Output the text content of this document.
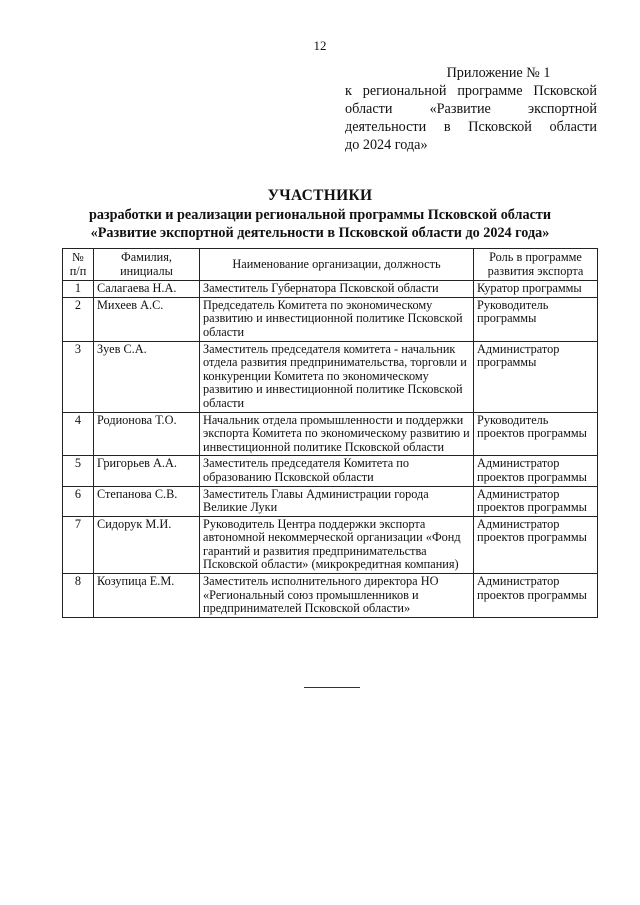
12
Приложение № 1
к региональной программе Псковской
области	«Развитие	экспортной
деятельности в Псковской области
до 2024 года»
УЧАСТНИКИ
разработки и реализации региональной программы Псковской области
«Развитие экспортной деятельности в Псковской области до 2024 года»
№ п/п	Фамилия, инициалы	Наименование организации, должность	Роль в программе развития экспорта
1	Салагаева Н.А.	Заместитель Губернатора Псковской области	Куратор программы
2	Михеев А.С.	Председатель Комитета по экономическому развитию и инвестиционной политике Псковской области	Руководитель программы
3	Зуев С.А.	Заместитель председателя комитета - начальник отдела развития предпринимательства, торговли и конкуренции Комитета по экономическому развитию и инвестиционной политике Псковской области	Администратор программы
4	Родионова Т.О.	Начальник отдела промышленности и поддержки экспорта Комитета по экономическому развитию и инвестиционной политике Псковской области	Руководитель проектов программы
5	Григорьев А.А.	Заместитель председателя Комитета по образованию Псковской области	Администратор проектов программы
6	Степанова С.В.	Заместитель Главы Администрации города Великие Луки	Администратор проектов программы
7	Сидорук М.И.	Руководитель Центра поддержки экспорта автономной некоммерческой организации «Фонд гарантий и развития предпринимательства Псковской области» (микрокредитная компания)	Администратор проектов программы
8	Козупица Е.М.	Заместитель исполнительного директора НО «Региональный союз промышленников и предпринимателей Псковской области»	Администратор проектов программы
